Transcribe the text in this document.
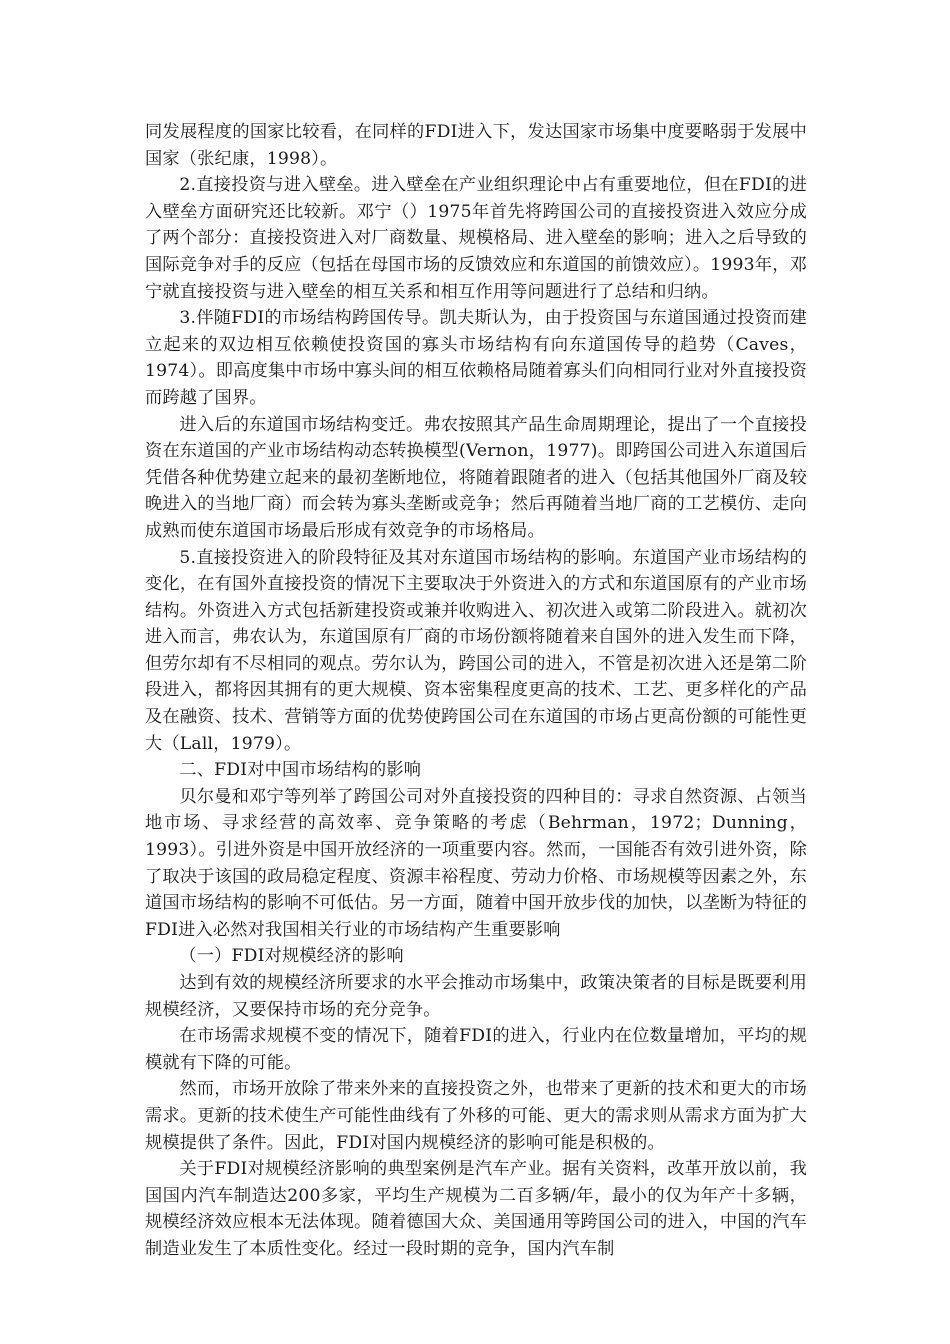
同发展程度的国家比较看，在同样的FDI进入下，发达国家市场集中度要略弱于发展中国家（张纪康，1998）。

2.直接投资与进入壁垒。进入壁垒在产业组织理论中占有重要地位，但在FDI的进入壁垒方面研究还比较新。邓宁（）1975年首先将跨国公司的直接投资进入效应分成了两个部分：直接投资进入对厂商数量、规模格局、进入壁垒的影响；进入之后导致的国际竞争对手的反应（包括在母国市场的反馈效应和东道国的前馈效应）。1993年，邓宁就直接投资与进入壁垒的相互关系和相互作用等问题进行了总结和归纳。

3.伴随FDI的市场结构跨国传导。凯夫斯认为，由于投资国与东道国通过投资而建立起来的双边相互依赖使投资国的寡头市场结构有向东道国传导的趋势（Caves，1974）。即高度集中市场中寡头间的相互依赖格局随着寡头们向相同行业对外直接投资而跨越了国界。

进入后的东道国市场结构变迁。弗农按照其产品生命周期理论，提出了一个直接投资在东道国的产业市场结构动态转换模型(Vernon，1977)。即跨国公司进入东道国后凭借各种优势建立起来的最初垄断地位，将随着跟随者的进入（包括其他国外厂商及较晚进入的当地厂商）而会转为寡头垄断或竞争；然后再随着当地厂商的工艺模仿、走向成熟而使东道国市场最后形成有效竞争的市场格局。

5.直接投资进入的阶段特征及其对东道国市场结构的影响。东道国产业市场结构的变化，在有国外直接投资的情况下主要取决于外资进入的方式和东道国原有的产业市场结构。外资进入方式包括新建投资或兼并收购进入、初次进入或第二阶段进入。就初次进入而言，弗农认为，东道国原有厂商的市场份额将随着来自国外的进入发生而下降，但劳尔却有不尽相同的观点。劳尔认为，跨国公司的进入，不管是初次进入还是第二阶段进入，都将因其拥有的更大规模、资本密集程度更高的技术、工艺、更多样化的产品及在融资、技术、营销等方面的优势使跨国公司在东道国的市场占更高份额的可能性更大（Lall，1979）。

二、FDI对中国市场结构的影响

贝尔曼和邓宁等列举了跨国公司对外直接投资的四种目的：寻求自然资源、占领当地市场、寻求经营的高效率、竞争策略的考虑（Behrman，1972；Dunning，1993）。引进外资是中国开放经济的一项重要内容。然而，一国能否有效引进外资，除了取决于该国的政局稳定程度、资源丰裕程度、劳动力价格、市场规模等因素之外，东道国市场结构的影响不可低估。另一方面，随着中国开放步伐的加快，以垄断为特征的FDI进入必然对我国相关行业的市场结构产生重要影响

（一）FDI对规模经济的影响

达到有效的规模经济所要求的水平会推动市场集中，政策决策者的目标是既要利用规模经济，又要保持市场的充分竞争。

在市场需求规模不变的情况下，随着FDI的进入，行业内在位数量增加，平均的规模就有下降的可能。

然而，市场开放除了带来外来的直接投资之外，也带来了更新的技术和更大的市场需求。更新的技术使生产可能性曲线有了外移的可能、更大的需求则从需求方面为扩大规模提供了条件。因此，FDI对国内规模经济的影响可能是积极的。

关于FDI对规模经济影响的典型案例是汽车产业。据有关资料，改革开放以前，我国国内汽车制造达200多家，平均生产规模为二百多辆/年，最小的仅为年产十多辆，规模经济效应根本无法体现。随着德国大众、美国通用等跨国公司的进入，中国的汽车制造业发生了本质性变化。经过一段时期的竞争，国内汽车制
